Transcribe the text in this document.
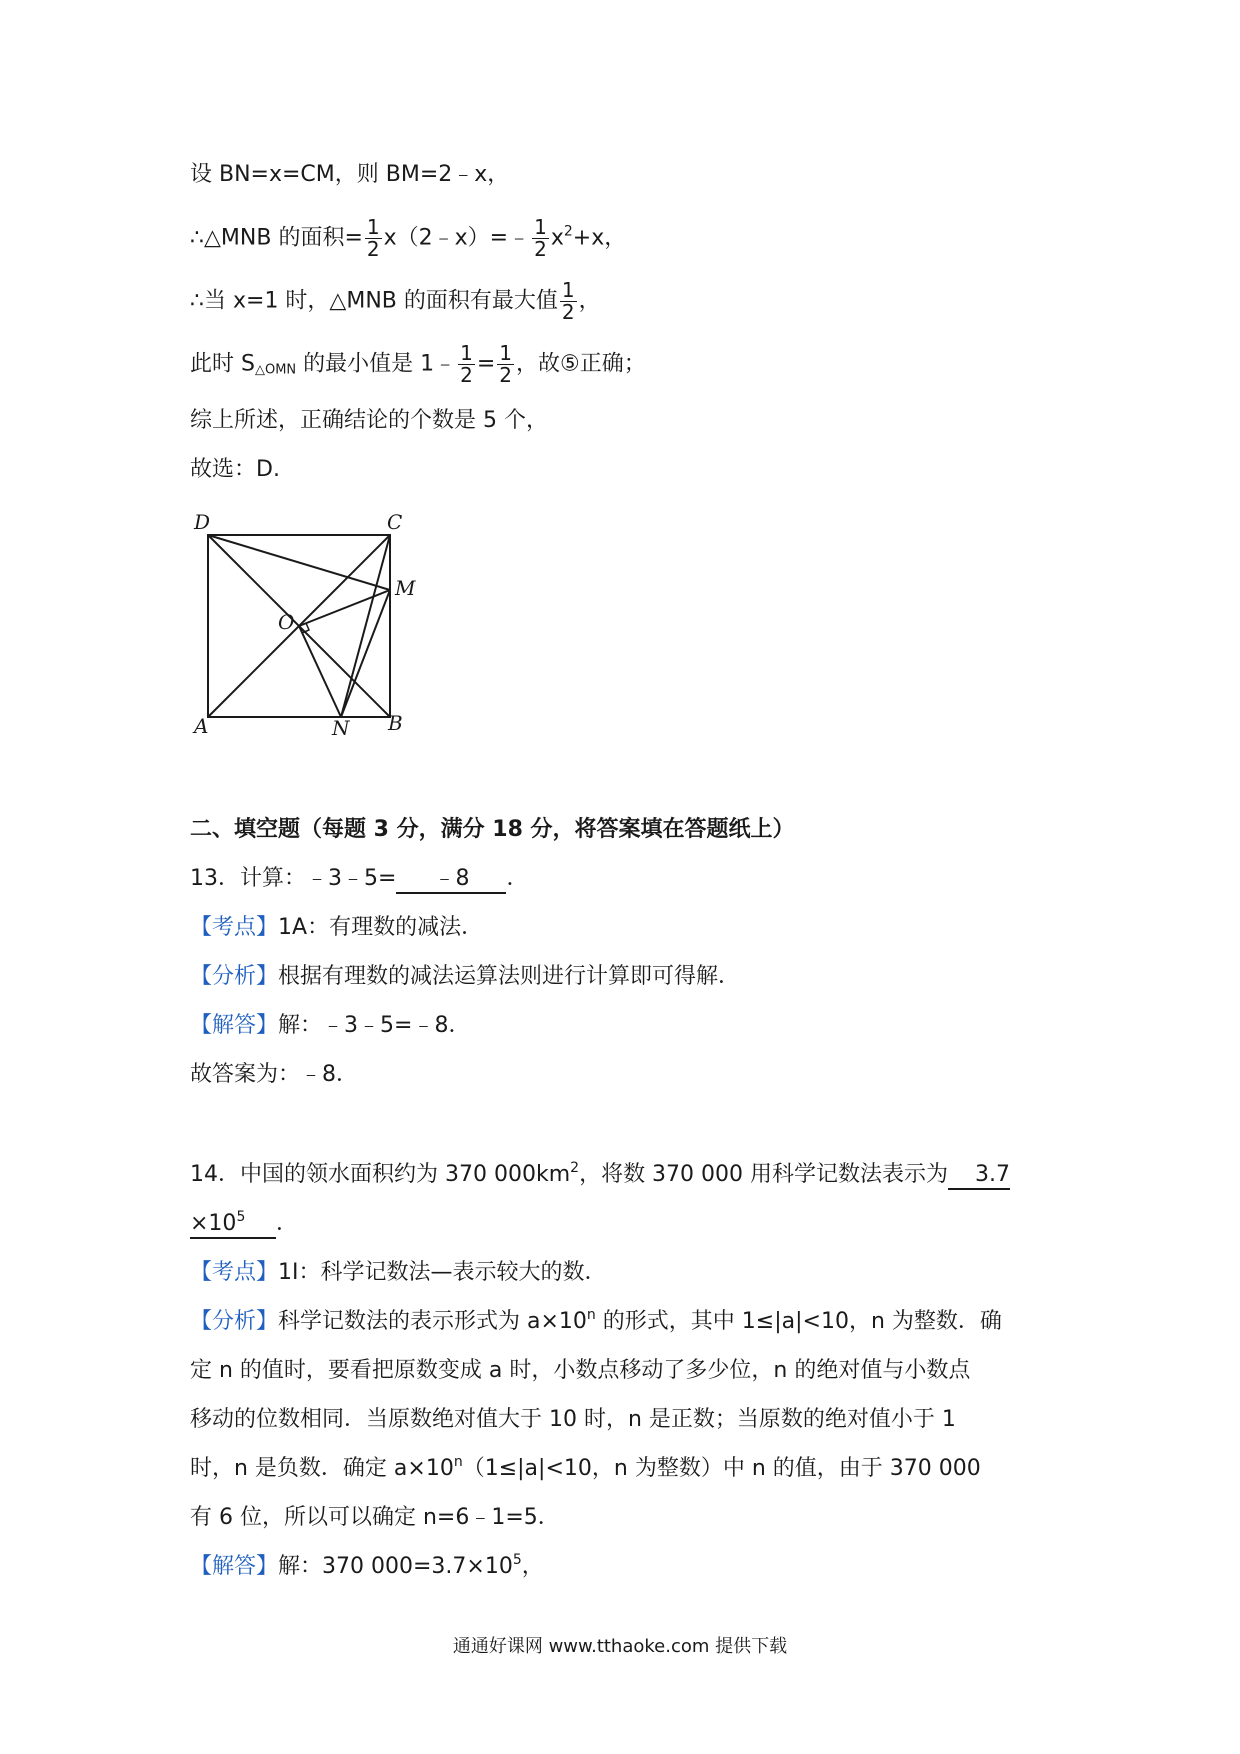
设 BN=x=CM，则 BM=2﹣x，
∴△MNB 的面积= $\frac{1}{2}$ x（2﹣x）=﹣ $\frac{1}{2} x^2+x$，
∴当 x=1 时，△MNB 的面积有最大值 $\frac{1}{2}$ ，
此时 $S_{\triangle OMN}$ 的最小值是 1﹣ $\frac{1}{2} = \frac{1}{2}$ ，故⑤正确；
综上所述，正确结论的个数是 5 个，
故选：D.
D	C
M
O
A	N B
二、填空题（每题 3 分，满分 18 分，将答案填在答题纸上）
13．计算：﹣3﹣5= ﹣8 ．
【考点】1A：有理数的减法．
【分析】根据有理数的减法运算法则进行计算即可得解．
【解答】解：﹣3﹣5=﹣8．
故答案为：﹣8．
14．中国的领水面积约为 370 $000km^2$，将数 370 000 用科学记数法表示为 3.7
$\times 10^5$ ．
【考点】1I：科学记数法—表示较大的数．
【分析】科学记数法的表示形式为 $a\times 10^n$ 的形式，其中 1≤|a|<10，n 为整数．确
定 n 的值时，要看把原数变成 a 时，小数点移动了多少位，n 的绝对值与小数点
移动的位数相同．当原数绝对值大于 10 时，n 是正数；当原数的绝对值小于 1
时，n 是负数．确定 $a\times 10^n(1\le|a|<10$，n 为整数）中 n 的值，由于 370 000
有 6 位，所以可以确定 n=6﹣1=5．
【解答】解：370 $000=3.7\times 10^5$，
通通好课网 www.tthaoke.com 提供下载
